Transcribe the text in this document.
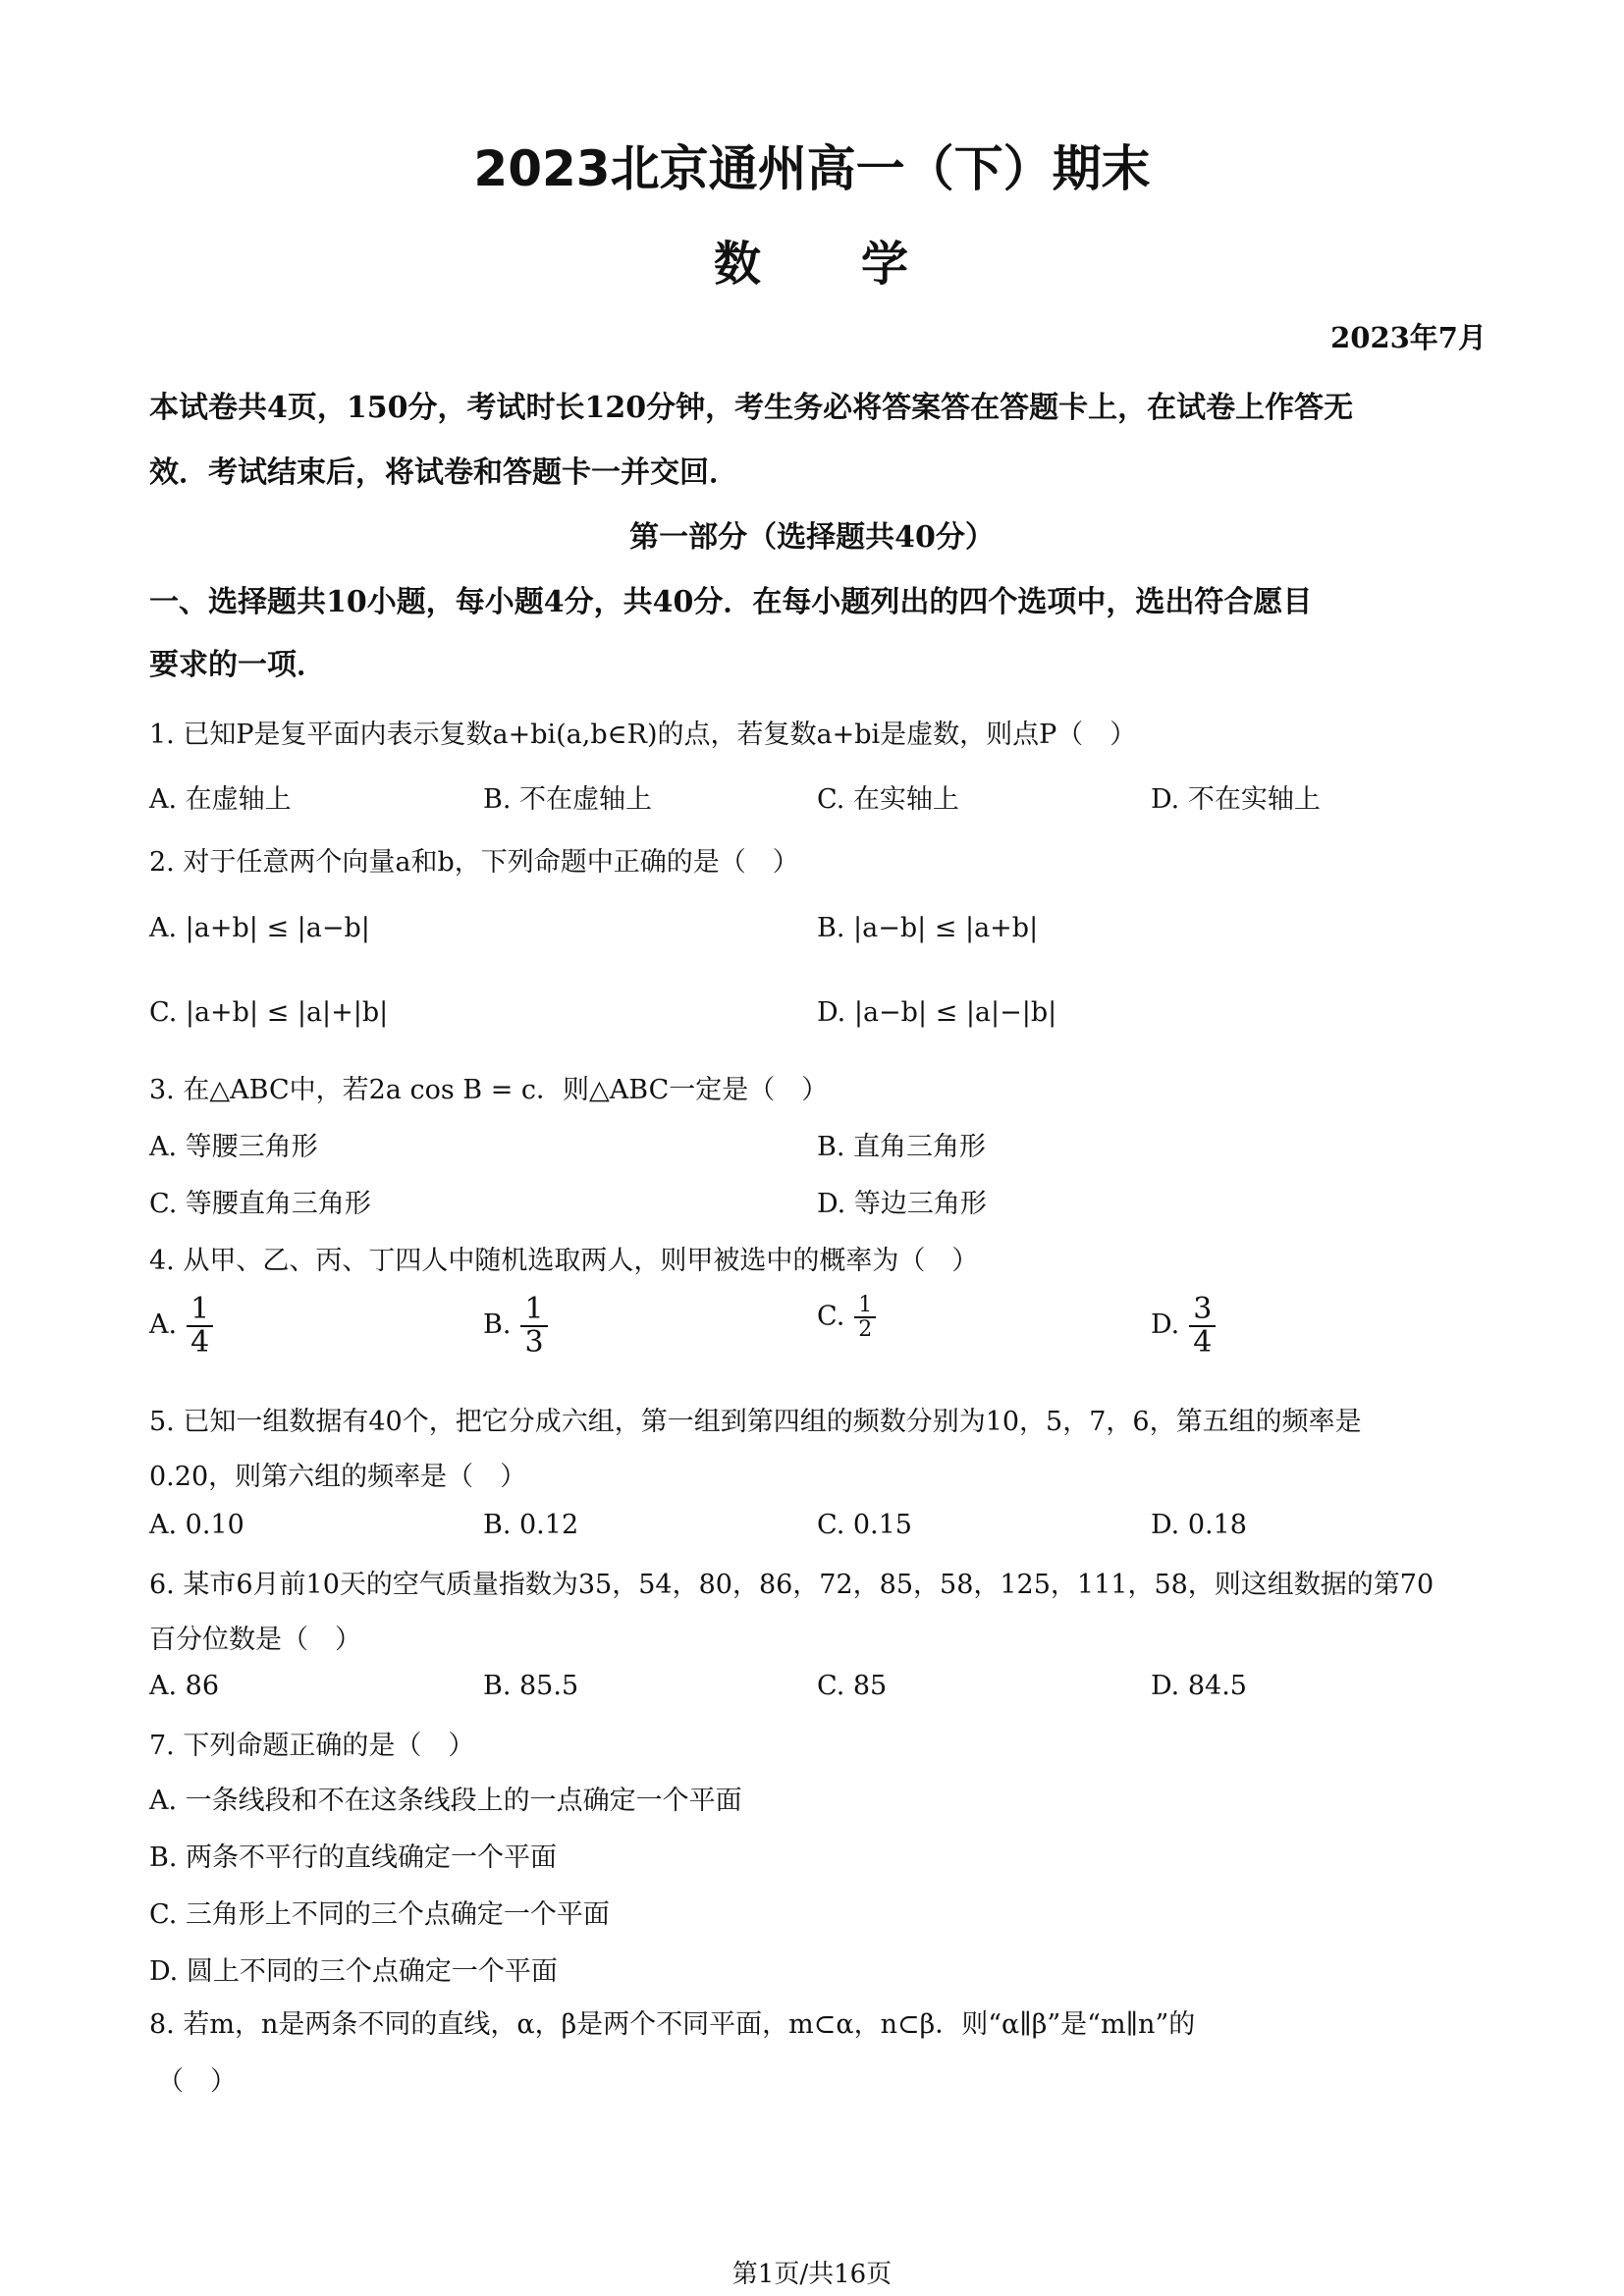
2023北京通州高一（下）期末
数　　学
2023年7月
本试卷共4页，150分，考试时长120分钟，考生务必将答案答在答题卡上，在试卷上作答无
效．考试结束后，将试卷和答题卡一并交回．
第一部分（选择题共40分）
一、选择题共10小题，每小题4分，共40分．在每小题列出的四个选项中，选出符合愿目
要求的一项．
1. 已知P是复平面内表示复数a+bi(a,b∈R)的点，若复数a+bi是虚数，则点P（　）
A. 在虚轴上	B. 不在虚轴上	C. 在实轴上	D. 不在实轴上
2. 对于任意两个向量a和b，下列命题中正确的是（　）
A. |a+b| ≤ |a−b|	B. |a−b| ≤ |a+b|
C. |a+b| ≤ |a|+|b|	D. |a−b| ≤ |a|−|b|
3. 在△ABC中，若2a cos B = c．则△ABC一定是（　）
A. 等腰三角形	B. 直角三角形
C. 等腰直角三角形	D. 等边三角形
4. 从甲、乙、丙、丁四人中随机选取两人，则甲被选中的概率为（　）
A. $\frac{1}{4}$	B. $\frac{1}{3}$	C. $\frac{1}{2}$	D. $\frac{3}{4}$
5. 已知一组数据有40个，把它分成六组，第一组到第四组的频数分别为10，5，7，6，第五组的频率是
0.20，则第六组的频率是（　）
A. 0.10	B. 0.12	C. 0.15	D. 0.18
6. 某市6月前10天的空气质量指数为35，54，80，86，72，85，58，125，111，58，则这组数据的第70
百分位数是（　）
A. 86	B. 85.5	C. 85	D. 84.5
7. 下列命题正确的是（　）
A. 一条线段和不在这条线段上的一点确定一个平面
B. 两条不平行的直线确定一个平面
C. 三角形上不同的三个点确定一个平面
D. 圆上不同的三个点确定一个平面
8. 若m，n是两条不同的直线，α，β是两个不同平面，m⊂α，n⊂β．则“α∥β”是“m∥n”的
（　）
第1页/共16页
